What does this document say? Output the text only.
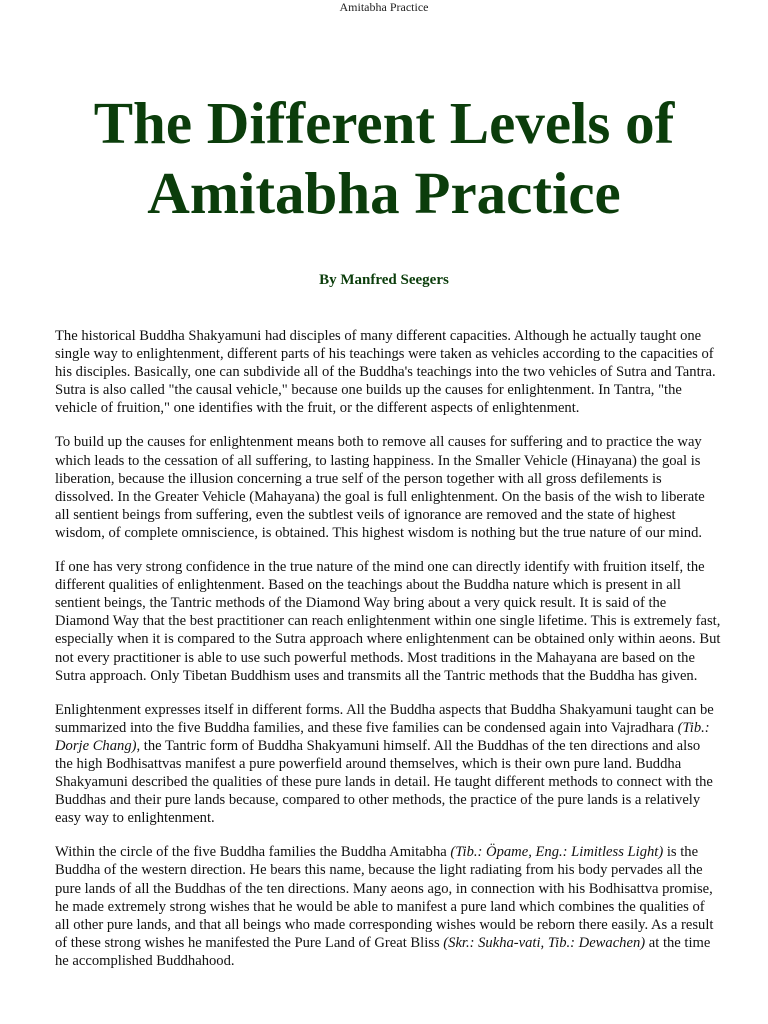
Amitabha Practice
The Different Levels of
Amitabha Practice
By Manfred Seegers

The historical Buddha Shakyamuni had disciples of many different capacities. Although he actually taught one single way to enlightenment, different parts of his teachings were taken as vehicles according to the capacities of his disciples. Basically, one can subdivide all of the Buddha's teachings into the two vehicles of Sutra and Tantra. Sutra is also called "the causal vehicle," because one builds up the causes for enlightenment. In Tantra, "the vehicle of fruition," one identifies with the fruit, or the different aspects of enlightenment.

To build up the causes for enlightenment means both to remove all causes for suffering and to practice the way which leads to the cessation of all suffering, to lasting happiness. In the Smaller Vehicle (Hinayana) the goal is liberation, because the illusion concerning a true self of the person together with all gross defilements is dissolved. In the Greater Vehicle (Mahayana) the goal is full enlightenment. On the basis of the wish to liberate all sentient beings from suffering, even the subtlest veils of ignorance are removed and the state of highest wisdom, of complete omniscience, is obtained. This highest wisdom is nothing but the true nature of our mind.

If one has very strong confidence in the true nature of the mind one can directly identify with fruition itself, the different qualities of enlightenment. Based on the teachings about the Buddha nature which is present in all sentient beings, the Tantric methods of the Diamond Way bring about a very quick result. It is said of the Diamond Way that the best practitioner can reach enlightenment within one single lifetime. This is extremely fast, especially when it is compared to the Sutra approach where enlightenment can be obtained only within aeons. But not every practitioner is able to use such powerful methods. Most traditions in the Mahayana are based on the Sutra approach. Only Tibetan Buddhism uses and transmits all the Tantric methods that the Buddha has given.

Enlightenment expresses itself in different forms. All the Buddha aspects that Buddha Shakyamuni taught can be summarized into the five Buddha families, and these five families can be condensed again into Vajradhara (Tib.: Dorje Chang), the Tantric form of Buddha Shakyamuni himself. All the Buddhas of the ten directions and also the high Bodhisattvas manifest a pure powerfield around themselves, which is their own pure land. Buddha Shakyamuni described the qualities of these pure lands in detail. He taught different methods to connect with the Buddhas and their pure lands because, compared to other methods, the practice of the pure lands is a relatively easy way to enlightenment.

Within the circle of the five Buddha families the Buddha Amitabha (Tib.: Öpame, Eng.: Limitless Light) is the Buddha of the western direction. He bears this name, because the light radiating from his body pervades all the pure lands of all the Buddhas of the ten directions. Many aeons ago, in connection with his Bodhisattva promise, he made extremely strong wishes that he would be able to manifest a pure land which combines the qualities of all other pure lands, and that all beings who made corresponding wishes would be reborn there easily. As a result of these strong wishes he manifested the Pure Land of Great Bliss (Skr.: Sukha-vati, Tib.: Dewachen) at the time he accomplished Buddhahood.
